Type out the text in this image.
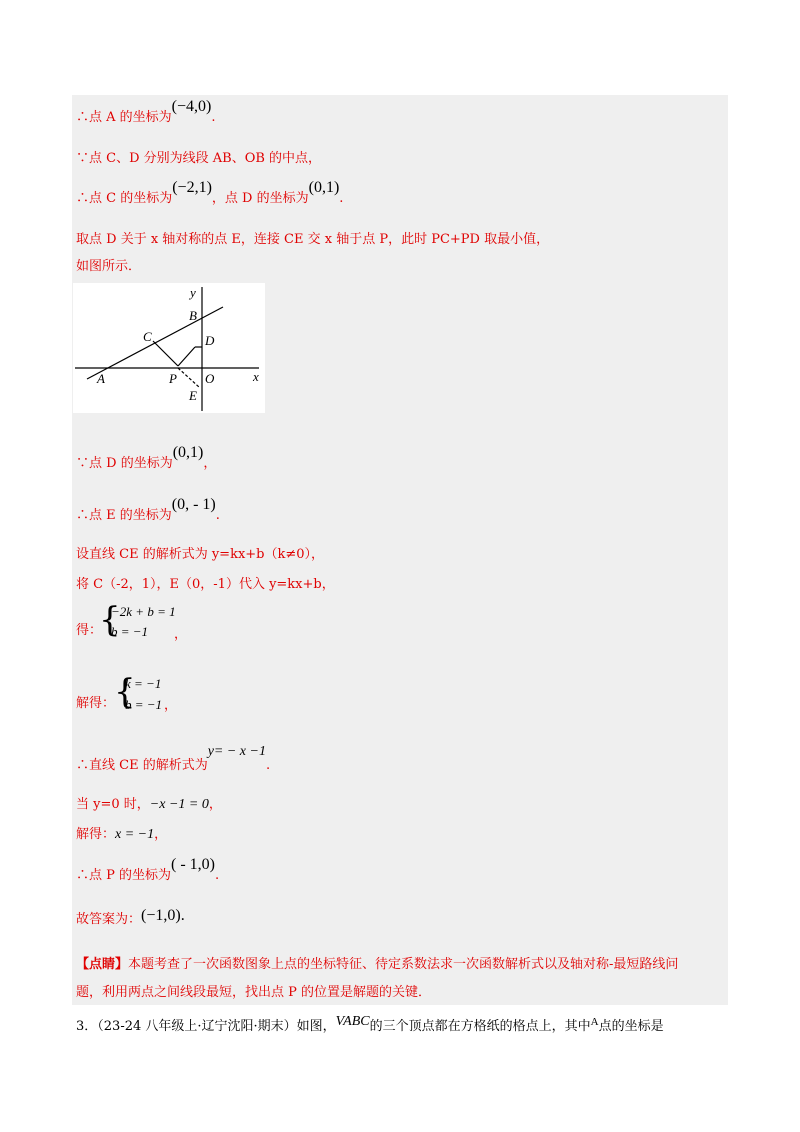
∴点 A 的坐标为(−4,0).
∵点 C、D 分别为线段 AB、OB 的中点，
∴点 C 的坐标为(−2,1)，点 D 的坐标为(0,1).
取点 D 关于 x 轴对称的点 E，连接 CE 交 x 轴于点 P，此时 PC+PD 取最小值，
如图所示．
y
x
B
C	D
A	P O
E
∵点 D 的坐标为(0,1)，
∴点 E 的坐标为(0, - 1).
设直线 CE 的解析式为 y=kx+b（k≠0），
将 C（-2，1），E（0，-1）代入 y=kx+b，
得：
{
−2k + b = 1
b = −1 ，
解得：
{
k = −1
b = −1 ，
∴直线 CE 的解析式为y= − x −1.
当 y=0 时，−x −1 = 0，
解得：x = −1，
∴点 P 的坐标为( - 1,0).
故答案为：(−1,0).
【点睛】本题考查了一次函数图象上点的坐标特征、待定系数法求一次函数解析式以及轴对称-最短路线问
题，利用两点之间线段最短，找出点 P 的位置是解题的关键．
3．（23-24 八年级上·辽宁沈阳·期末）如图，VABC的三个顶点都在方格纸的格点上，其中$^A$点的坐标是
